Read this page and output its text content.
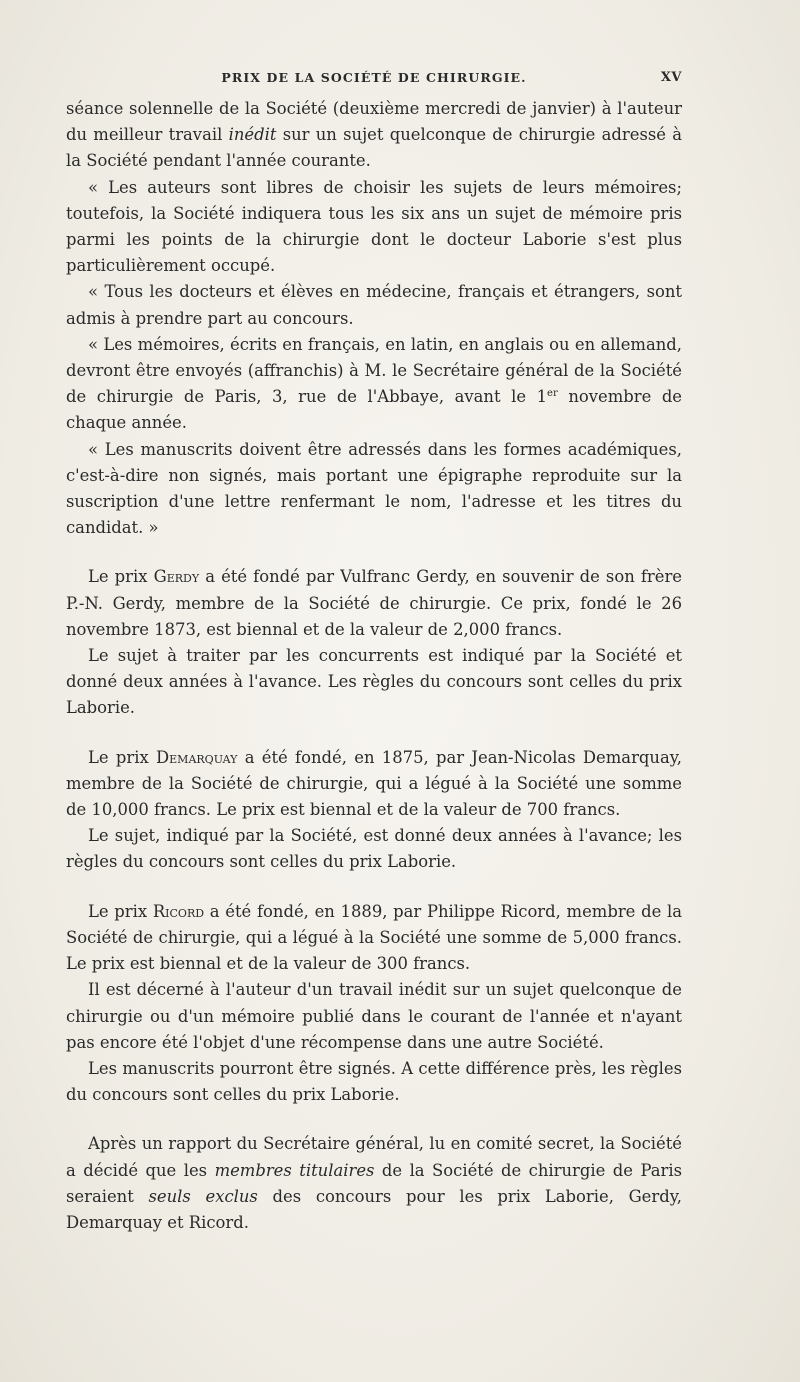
PRIX DE LA SOCIÉTÉ DE CHIRURGIE.	XV

séance solennelle de la Société (deuxième mercredi de janvier) à l'auteur du meilleur travail inédit sur un sujet quelconque de chirurgie adressé à la Société pendant l'année courante.

« Les auteurs sont libres de choisir les sujets de leurs mémoires; toutefois, la Société indiquera tous les six ans un sujet de mémoire pris parmi les points de la chirurgie dont le docteur Laborie s'est plus particulièrement occupé.

« Tous les docteurs et élèves en médecine, français et étrangers, sont admis à prendre part au concours.

« Les mémoires, écrits en français, en latin, en anglais ou en allemand, devront être envoyés (affranchis) à M. le Secrétaire général de la Société de chirurgie de Paris, 3, rue de l'Abbaye, avant le 1er novembre de chaque année.

« Les manuscrits doivent être adressés dans les formes académiques, c'est-à-dire non signés, mais portant une épigraphe reproduite sur la suscription d'une lettre renfermant le nom, l'adresse et les titres du candidat. »

Le prix Gerdy a été fondé par Vulfranc Gerdy, en souvenir de son frère P.-N. Gerdy, membre de la Société de chirurgie. Ce prix, fondé le 26 novembre 1873, est biennal et de la valeur de 2,000 francs.

Le sujet à traiter par les concurrents est indiqué par la Société et donné deux années à l'avance. Les règles du concours sont celles du prix Laborie.

Le prix Demarquay a été fondé, en 1875, par Jean-Nicolas Demarquay, membre de la Société de chirurgie, qui a légué à la Société une somme de 10,000 francs. Le prix est biennal et de la valeur de 700 francs.

Le sujet, indiqué par la Société, est donné deux années à l'avance; les règles du concours sont celles du prix Laborie.

Le prix Ricord a été fondé, en 1889, par Philippe Ricord, membre de la Société de chirurgie, qui a légué à la Société une somme de 5,000 francs. Le prix est biennal et de la valeur de 300 francs.

Il est décerné à l'auteur d'un travail inédit sur un sujet quelconque de chirurgie ou d'un mémoire publié dans le courant de l'année et n'ayant pas encore été l'objet d'une récompense dans une autre Société.

Les manuscrits pourront être signés. A cette différence près, les règles du concours sont celles du prix Laborie.

Après un rapport du Secrétaire général, lu en comité secret, la Société a décidé que les membres titulaires de la Société de chirurgie de Paris seraient seuls exclus des concours pour les prix Laborie, Gerdy, Demarquay et Ricord.
